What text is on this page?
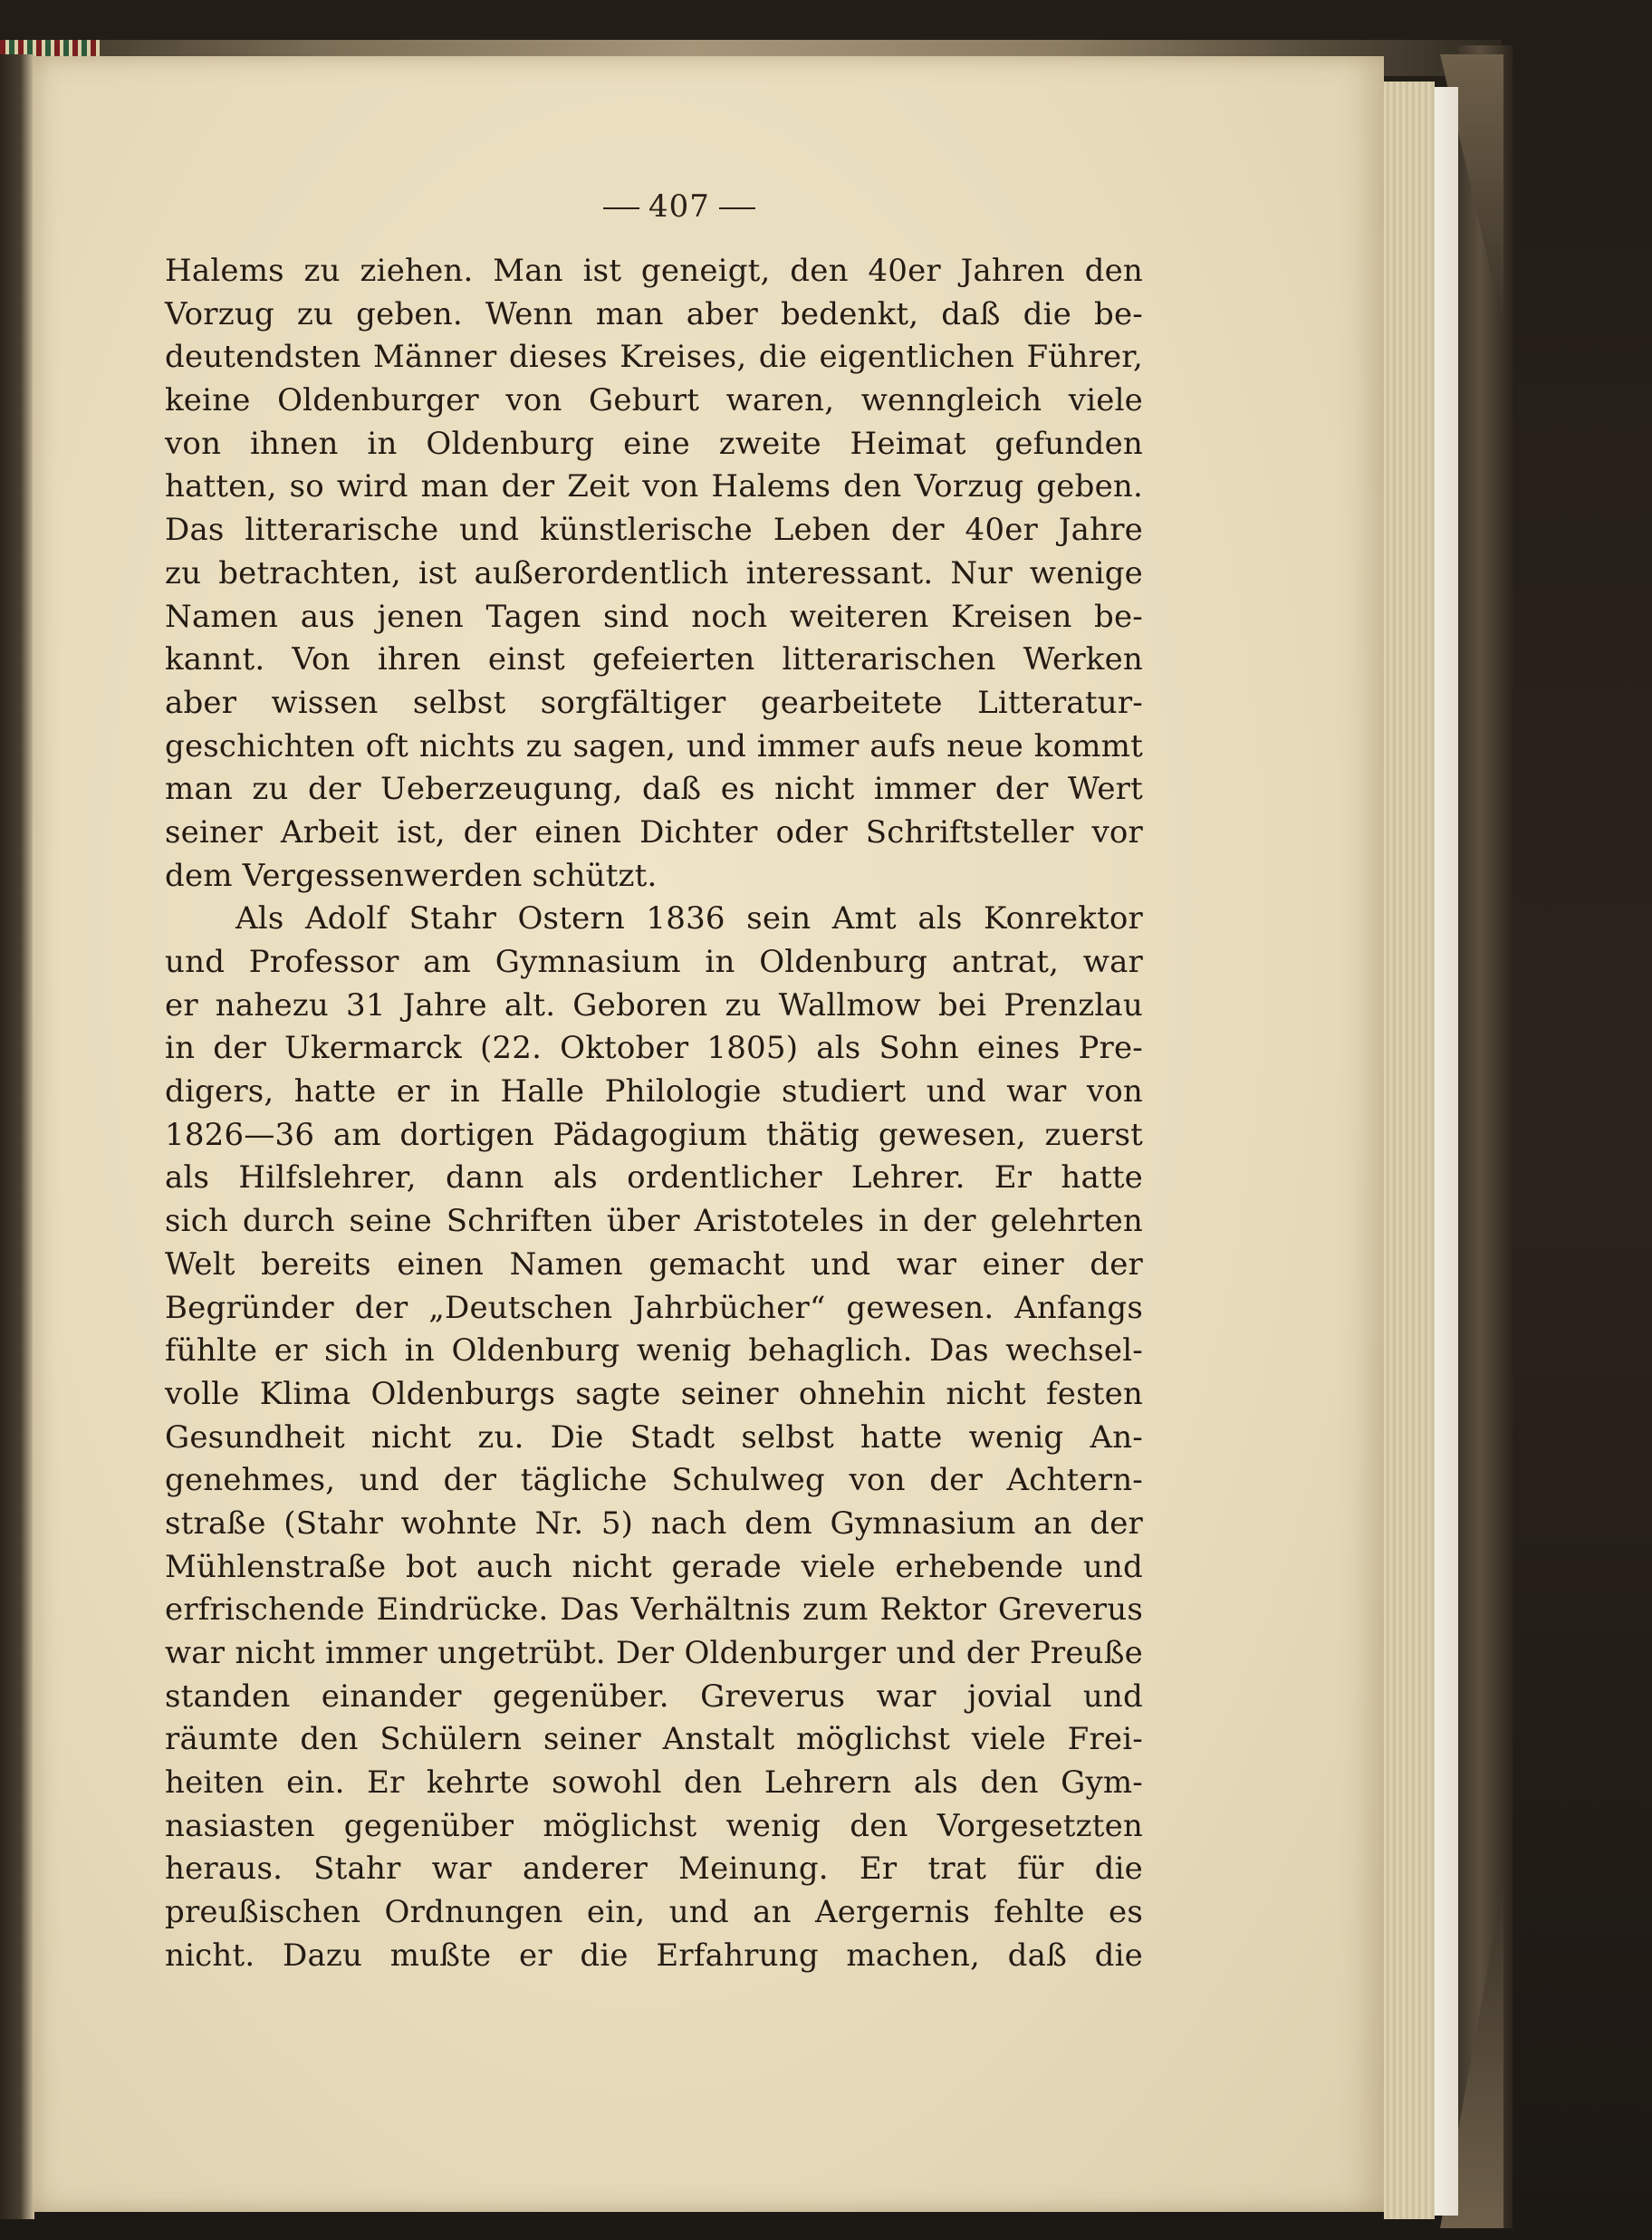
407
Halems zu ziehen. Man ist geneigt, den 40er Jahren den
Vorzug zu geben. Wenn man aber bedenkt, daß die be-
deutendsten Männer dieses Kreises, die eigentlichen Führer,
keine Oldenburger von Geburt waren, wenngleich viele
von ihnen in Oldenburg eine zweite Heimat gefunden
hatten, so wird man der Zeit von Halems den Vorzug geben.
Das litterarische und künstlerische Leben der 40er Jahre
zu betrachten, ist außerordentlich interessant. Nur wenige
Namen aus jenen Tagen sind noch weiteren Kreisen be-
kannt. Von ihren einst gefeierten litterarischen Werken
aber wissen selbst sorgfältiger gearbeitete Litteratur-
geschichten oft nichts zu sagen, und immer aufs neue kommt
man zu der Ueberzeugung, daß es nicht immer der Wert
seiner Arbeit ist, der einen Dichter oder Schriftsteller vor
dem Vergessenwerden schützt.
Als Adolf Stahr Ostern 1836 sein Amt als Konrektor
und Professor am Gymnasium in Oldenburg antrat, war
er nahezu 31 Jahre alt. Geboren zu Wallmow bei Prenzlau
in der Ukermarck (22. Oktober 1805) als Sohn eines Pre-
digers, hatte er in Halle Philologie studiert und war von
1826—36 am dortigen Pädagogium thätig gewesen, zuerst
als Hilfslehrer, dann als ordentlicher Lehrer. Er hatte
sich durch seine Schriften über Aristoteles in der gelehrten
Welt bereits einen Namen gemacht und war einer der
Begründer der „Deutschen Jahrbücher“ gewesen. Anfangs
fühlte er sich in Oldenburg wenig behaglich. Das wechsel-
volle Klima Oldenburgs sagte seiner ohnehin nicht festen
Gesundheit nicht zu. Die Stadt selbst hatte wenig An-
genehmes, und der tägliche Schulweg von der Achtern-
straße (Stahr wohnte Nr. 5) nach dem Gymnasium an der
Mühlenstraße bot auch nicht gerade viele erhebende und
erfrischende Eindrücke. Das Verhältnis zum Rektor Greverus
war nicht immer ungetrübt. Der Oldenburger und der Preuße
standen einander gegenüber. Greverus war jovial und
räumte den Schülern seiner Anstalt möglichst viele Frei-
heiten ein. Er kehrte sowohl den Lehrern als den Gym-
nasiasten gegenüber möglichst wenig den Vorgesetzten
heraus. Stahr war anderer Meinung. Er trat für die
preußischen Ordnungen ein, und an Aergernis fehlte es
nicht. Dazu mußte er die Erfahrung machen, daß die
